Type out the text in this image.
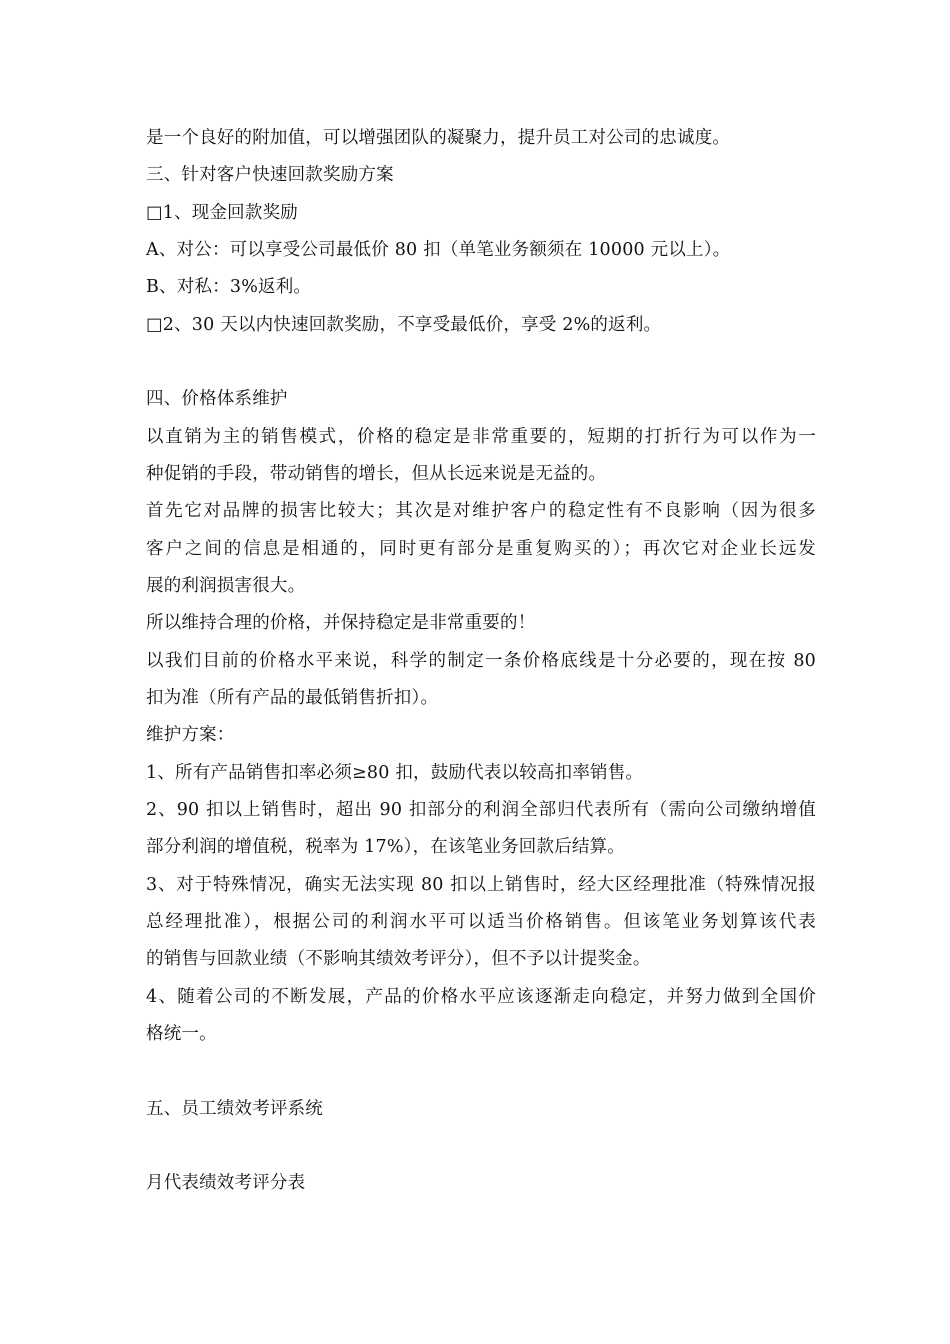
是一个良好的附加值，可以增强团队的凝聚力，提升员工对公司的忠诚度。
三、针对客户快速回款奖励方案
□1、现金回款奖励
A、对公：可以享受公司最低价 80 扣（单笔业务额须在 10000 元以上）。
B、对私：3%返利。
□2、30 天以内快速回款奖励，不享受最低价，享受 2%的返利。
四、价格体系维护
以直销为主的销售模式，价格的稳定是非常重要的，短期的打折行为可以作为一
种促销的手段，带动销售的增长，但从长远来说是无益的。
首先它对品牌的损害比较大；其次是对维护客户的稳定性有不良影响（因为很多
客户之间的信息是相通的，同时更有部分是重复购买的）；再次它对企业长远发
展的利润损害很大。
所以维持合理的价格，并保持稳定是非常重要的！
以我们目前的价格水平来说，科学的制定一条价格底线是十分必要的，现在按 80
扣为准（所有产品的最低销售折扣）。
维护方案：
1、所有产品销售扣率必须≥80 扣，鼓励代表以较高扣率销售。
2、90 扣以上销售时，超出 90 扣部分的利润全部归代表所有（需向公司缴纳增值
部分利润的增值税，税率为 17%），在该笔业务回款后结算。
3、对于特殊情况，确实无法实现 80 扣以上销售时，经大区经理批准（特殊情况报
总经理批准），根据公司的利润水平可以适当价格销售。但该笔业务划算该代表
的销售与回款业绩（不影响其绩效考评分），但不予以计提奖金。
4、随着公司的不断发展，产品的价格水平应该逐渐走向稳定，并努力做到全国价
格统一。
五、员工绩效考评系统
月代表绩效考评分表
